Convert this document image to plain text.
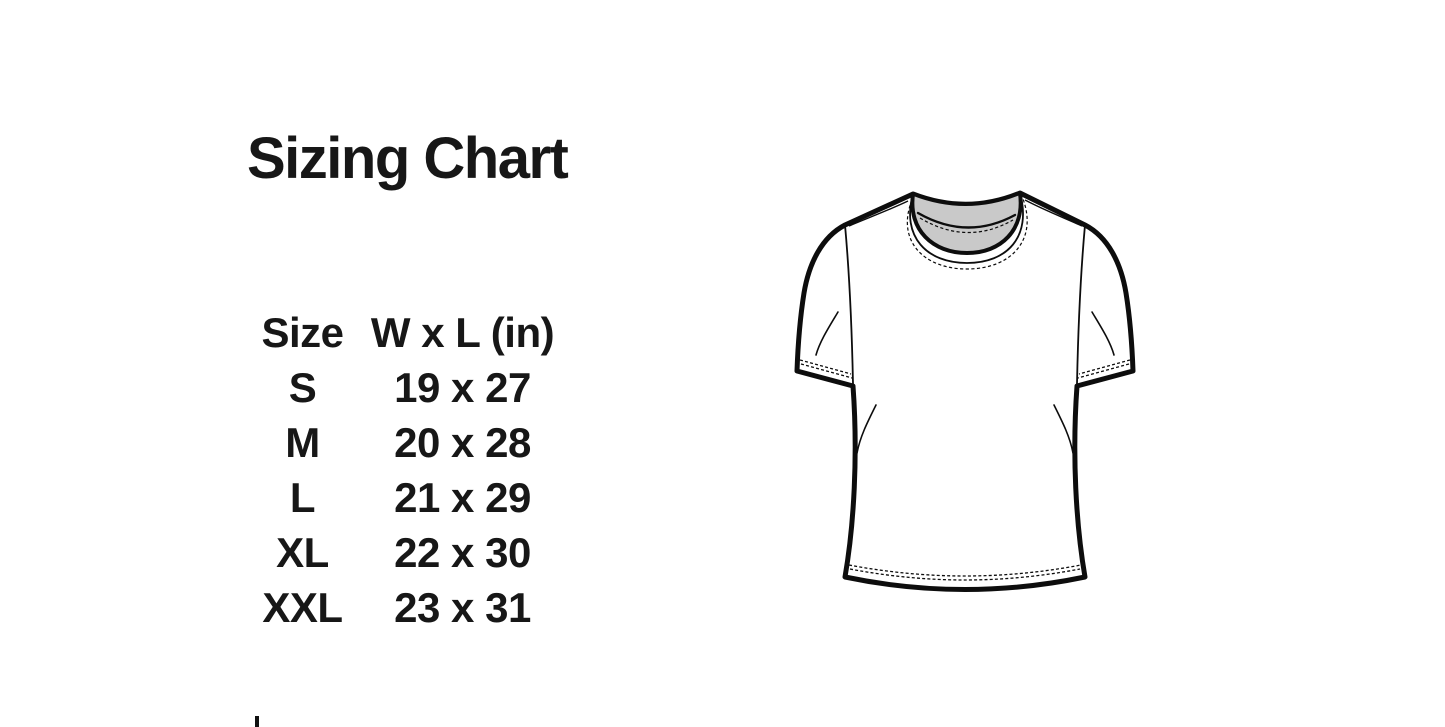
Sizing Chart
Size	W x L (in)
S	19 x 27
M	20 x 28
L	21 x 29
XL	22 x 30
XXL	23 x 31
